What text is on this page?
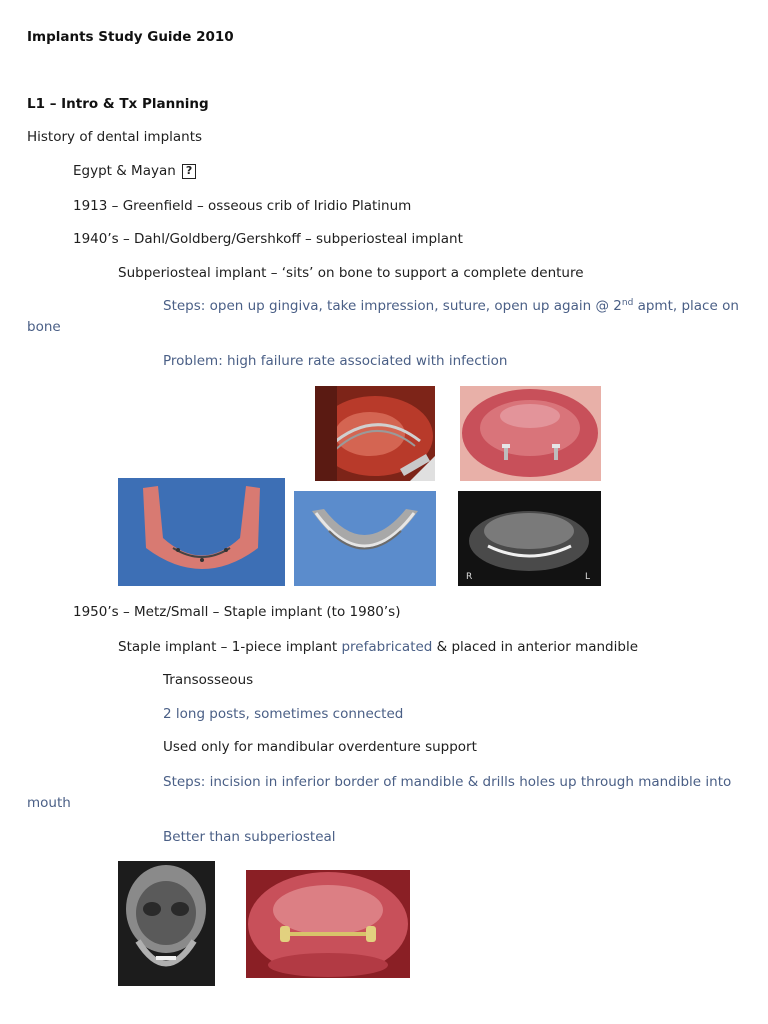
Implants Study Guide 2010
L1 – Intro & Tx Planning
History of dental implants
Egypt & Mayan ?
1913 – Greenfield – osseous crib of Iridio Platinum
1940’s – Dahl/Goldberg/Gershkoff – subperiosteal implant
Subperiosteal implant – ‘sits’ on bone to support a complete denture
Steps: open up gingiva, take impression, suture, open up again @ 2nd apmt, place on
bone
Problem: high failure rate associated with infection
R	L
1950’s – Metz/Small – Staple implant (to 1980’s)
Staple implant – 1-piece implant prefabricated & placed in anterior mandible
Transosseous
2 long posts, sometimes connected
Used only for mandibular overdenture support
Steps: incision in inferior border of mandible & drills holes up through mandible into
mouth
Better than subperiosteal
